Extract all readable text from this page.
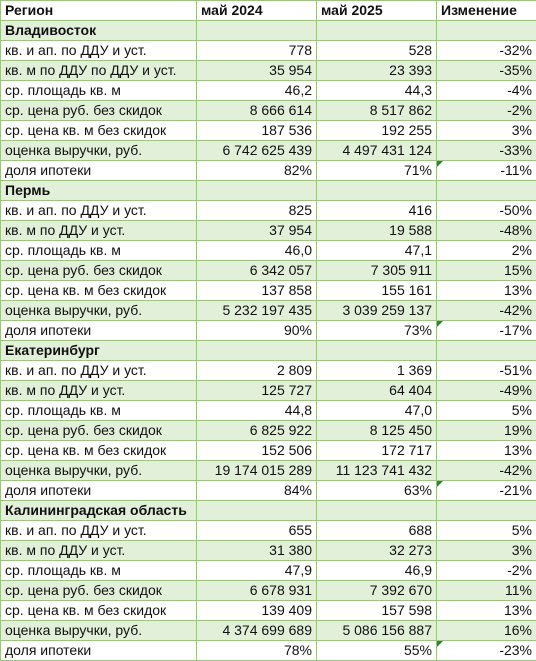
Регион	май 2024	май 2025	Изменение
Владивосток			
кв. и ап. по ДДУ и уст.	778	528	-32%
кв. м по ДДУ по ДДУ и уст.	35 954	23 393	-35%
ср. площадь кв. м	46,2	44,3	-4%
ср. цена руб. без скидок	8 666 614	8 517 862	-2%
ср. цена кв. м без скидок	187 536	192 255	3%
оценка выручки, руб.	6 742 625 439	4 497 431 124	-33%
доля ипотеки	82%	71%	-11%
Пермь			
кв. и ап. по ДДУ и уст.	825	416	-50%
кв. м по ДДУ и уст.	37 954	19 588	-48%
ср. площадь кв. м	46,0	47,1	2%
ср. цена руб. без скидок	6 342 057	7 305 911	15%
ср. цена кв. м без скидок	137 858	155 161	13%
оценка выручки, руб.	5 232 197 435	3 039 259 137	-42%
доля ипотеки	90%	73%	-17%
Екатеринбург			
кв. и ап. по ДДУ и уст.	2 809	1 369	-51%
кв. м по ДДУ и уст.	125 727	64 404	-49%
ср. площадь кв. м	44,8	47,0	5%
ср. цена руб. без скидок	6 825 922	8 125 450	19%
ср. цена кв. м без скидок	152 506	172 717	13%
оценка выручки, руб.	19 174 015 289	11 123 741 432	-42%
доля ипотеки	84%	63%	-21%
Калининградская область			
кв. и ап. по ДДУ и уст.	655	688	5%
кв. м по ДДУ и уст.	31 380	32 273	3%
ср. площадь кв. м	47,9	46,9	-2%
ср. цена руб. без скидок	6 678 931	7 392 670	11%
ср. цена кв. м без скидок	139 409	157 598	13%
оценка выручки, руб.	4 374 699 689	5 086 156 887	16%
доля ипотеки	78%	55%	-23%
